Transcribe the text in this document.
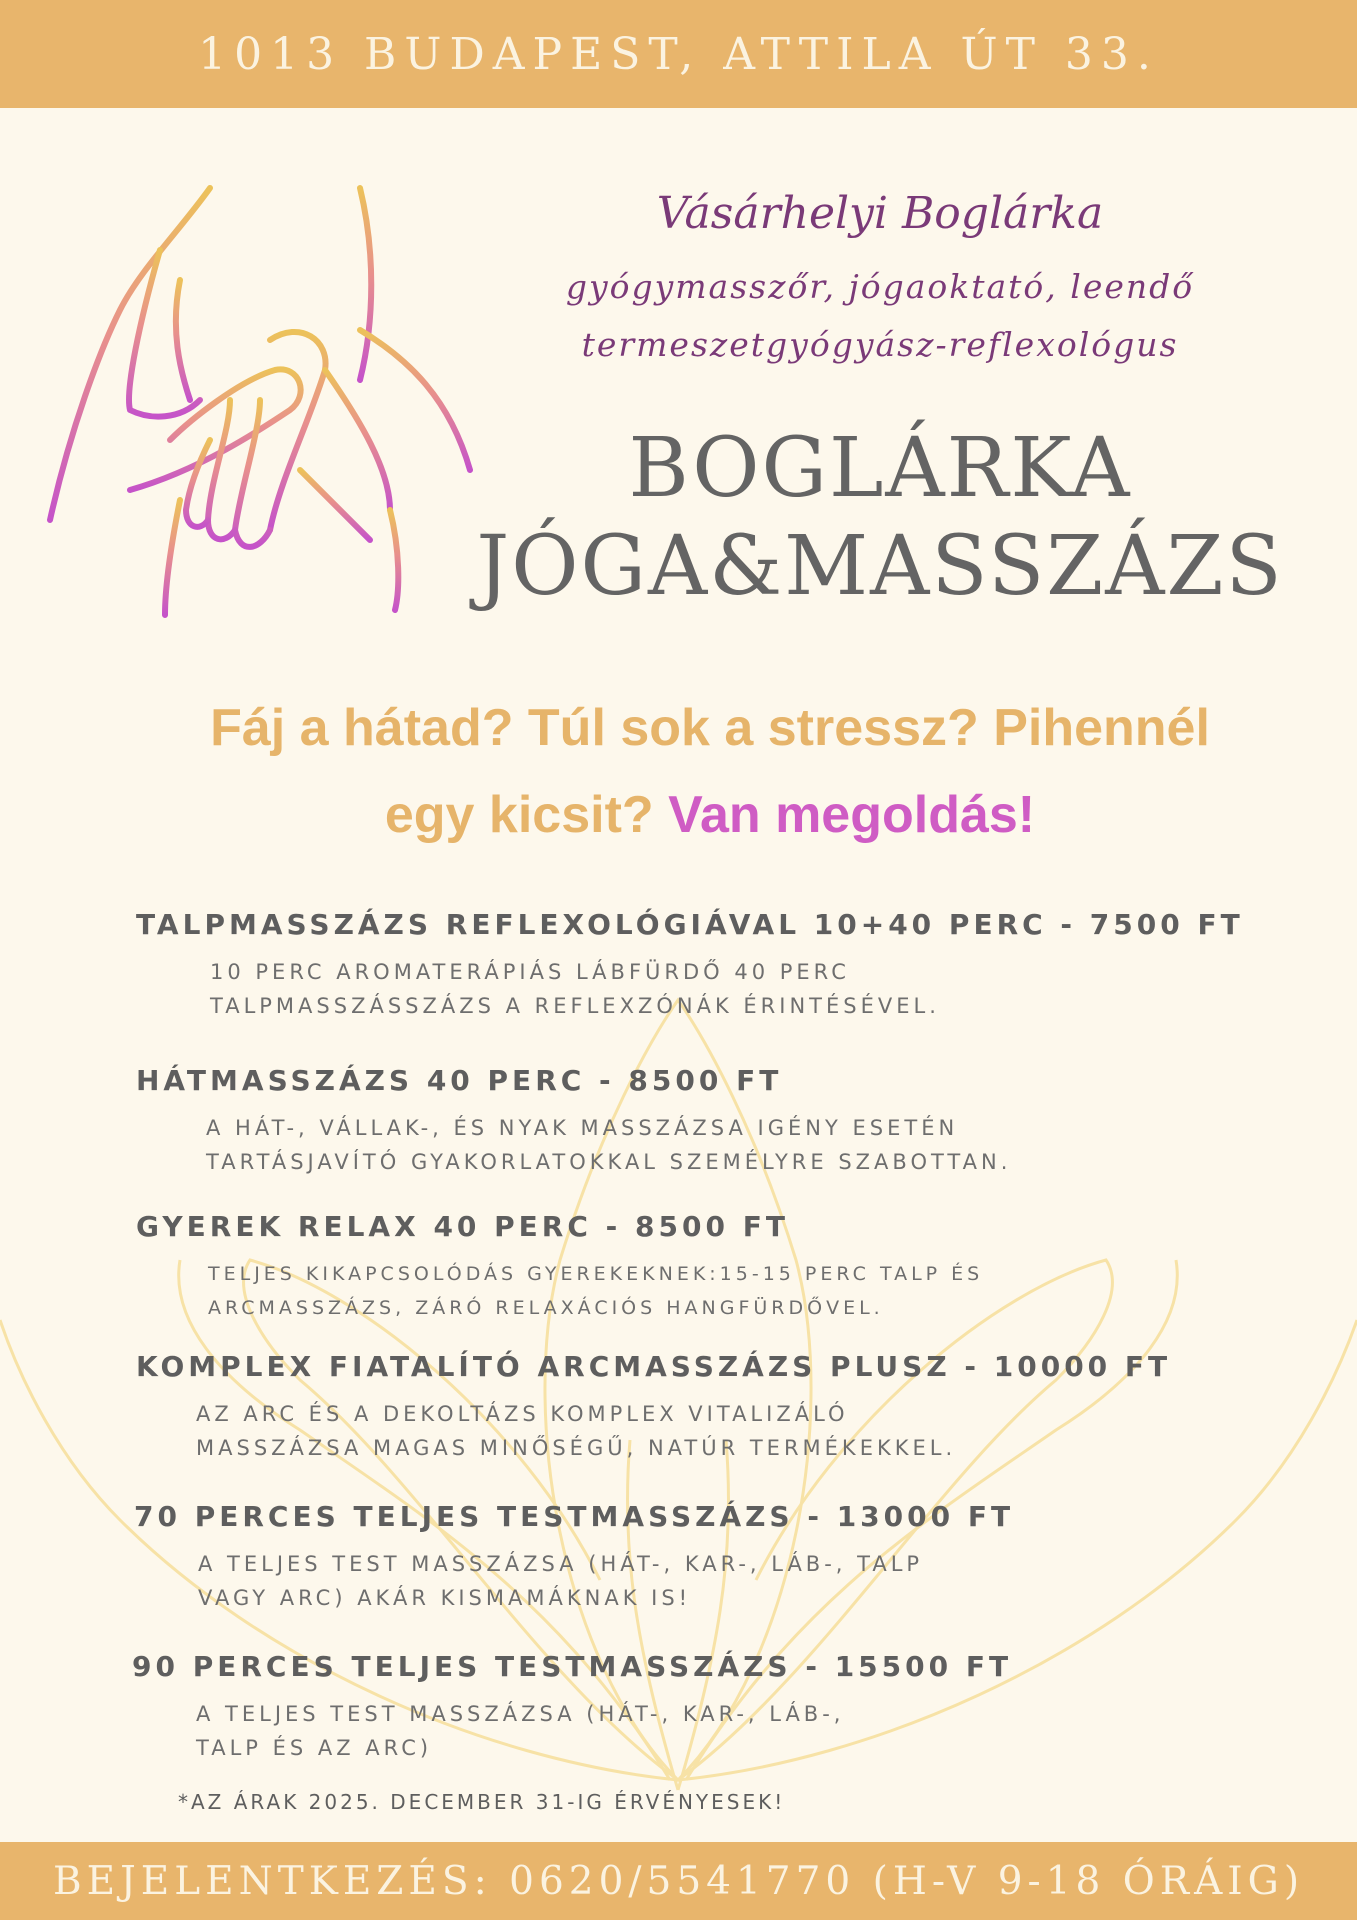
1013 BUDAPEST, ATTILA ÚT 33.
Vásárhelyi Boglárka
gyógymasszőr, jógaoktató, leendő
termeszetgyógyász-reflexológus
BOGLÁRKA
JÓGA&MASSZÁZS
Fáj a hátad? Túl sok a stressz? Pihennél
egy kicsit? Van megoldás!
TALPMASSZÁZS REFLEXOLÓGIÁVAL 10+40 PERC - 7500 FT
10 PERC AROMATERÁPIÁS LÁBFÜRDŐ 40 PERC
TALPMASSZÁSSZÁZS A REFLEXZÓNÁK ÉRINTÉSÉVEL.
HÁTMASSZÁZS 40 PERC - 8500 FT
A HÁT-, VÁLLAK-, ÉS NYAK MASSZÁZSA IGÉNY ESETÉN
TARTÁSJAVÍTÓ GYAKORLATOKKAL SZEMÉLYRE SZABOTTAN.
GYEREK RELAX 40 PERC - 8500 FT
TELJES KIKAPCSOLÓDÁS GYEREKEKNEK:15-15 PERC TALP ÉS
ARCMASSZÁZS, ZÁRÓ RELAXÁCIÓS HANGFÜRDŐVEL.
KOMPLEX FIATALÍTÓ ARCMASSZÁZS PLUSZ - 10000 FT
AZ ARC ÉS A DEKOLTÁZS KOMPLEX VITALIZÁLÓ
MASSZÁZSA MAGAS MINŐSÉGŰ, NATÚR TERMÉKEKKEL.
70 PERCES TELJES TESTMASSZÁZS - 13000 FT
A TELJES TEST MASSZÁZSA (HÁT-, KAR-, LÁB-, TALP
VAGY ARC) AKÁR KISMAMÁKNAK IS!
90 PERCES TELJES TESTMASSZÁZS - 15500 FT
A TELJES TEST MASSZÁZSA (HÁT-, KAR-, LÁB-,
TALP ÉS AZ ARC)
*AZ ÁRAK 2025. DECEMBER 31-IG ÉRVÉNYESEK!
BEJELENTKEZÉS: 0620/5541770 (H-V 9-18 ÓRÁIG)
